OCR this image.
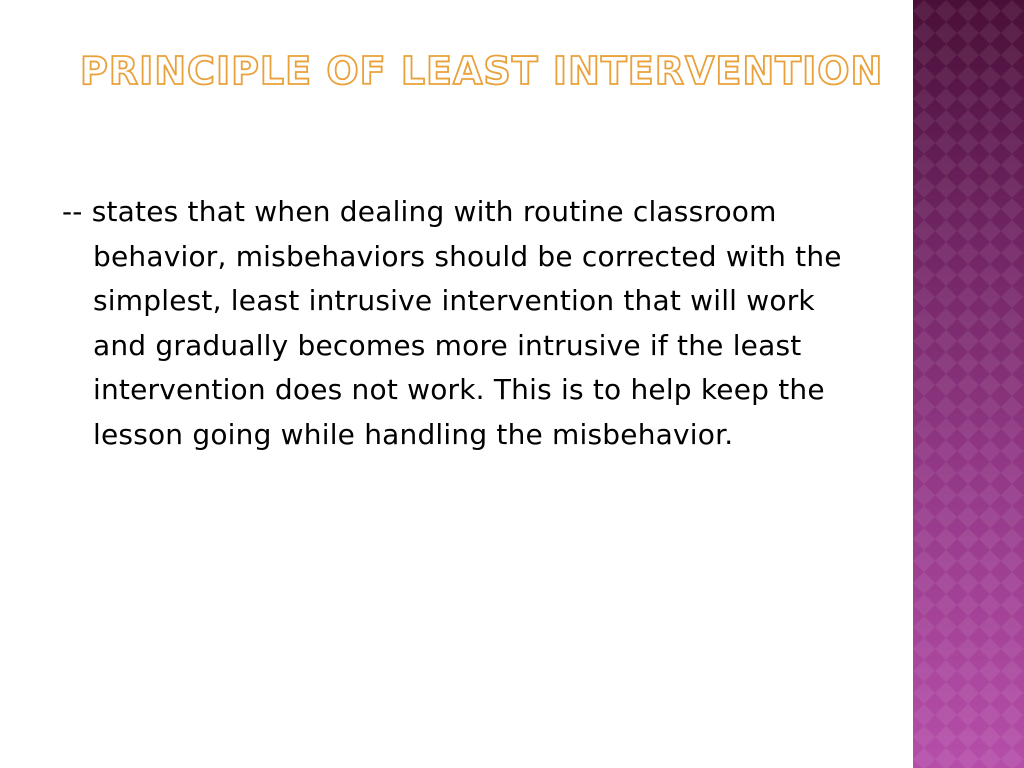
PRINCIPLE OF LEAST INTERVENTION

-- states that when dealing with routine classroom behavior, misbehaviors should be corrected with the simplest, least intrusive intervention that will work and gradually becomes more intrusive if the least intervention does not work. This is to help keep the lesson going while handling the misbehavior.
